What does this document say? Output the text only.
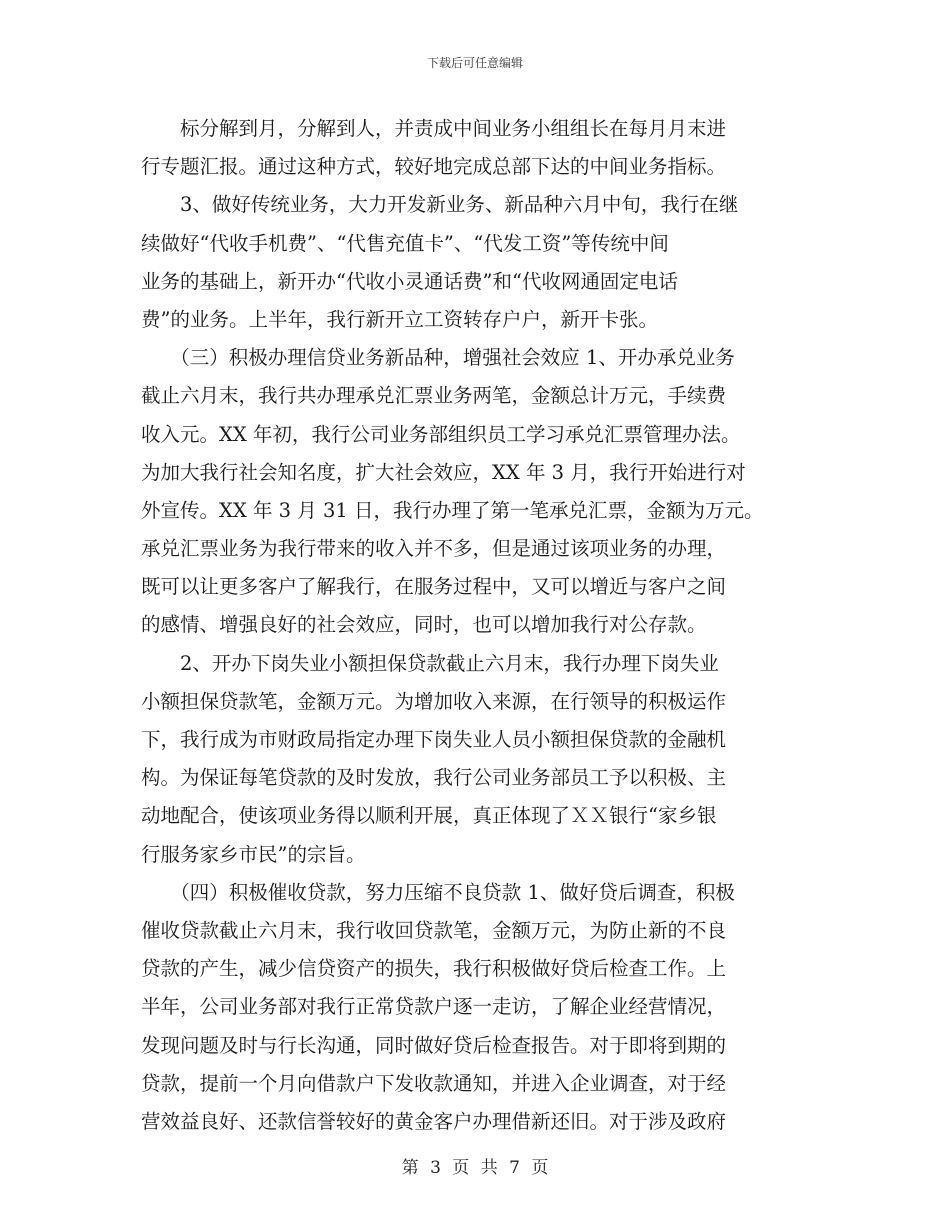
下载后可任意编辑
　　标分解到月，分解到人，并责成中间业务小组组长在每月月末进
行专题汇报。通过这种方式，较好地完成总部下达的中间业务指标。
　　3、做好传统业务，大力开发新业务、新品种六月中旬，我行在继
续做好“代收手机费”、“代售充值卡”、“代发工资”等传统中间
业务的基础上，新开办“代收小灵通话费”和“代收网通固定电话
费”的业务。上半年，我行新开立工资转存户户，新开卡张。
　　（三）积极办理信贷业务新品种，增强社会效应 1、开办承兑业务
截止六月末，我行共办理承兑汇票业务两笔，金额总计万元，手续费
收入元。XX 年初，我行公司业务部组织员工学习承兑汇票管理办法。
为加大我行社会知名度，扩大社会效应，XX 年 3 月，我行开始进行对
外宣传。XX 年 3 月 31 日，我行办理了第一笔承兑汇票，金额为万元。
承兑汇票业务为我行带来的收入并不多，但是通过该项业务的办理，
既可以让更多客户了解我行，在服务过程中，又可以增近与客户之间
的感情、增强良好的社会效应，同时，也可以增加我行对公存款。
　　2、开办下岗失业小额担保贷款截止六月末，我行办理下岗失业
小额担保贷款笔，金额万元。为增加收入来源，在行领导的积极运作
下，我行成为市财政局指定办理下岗失业人员小额担保贷款的金融机
构。为保证每笔贷款的及时发放，我行公司业务部员工予以积极、主
动地配合，使该项业务得以顺利开展，真正体现了ＸＸ银行“家乡银
行服务家乡市民”的宗旨。
　　（四）积极催收贷款，努力压缩不良贷款 1、做好贷后调查，积极
催收贷款截止六月末，我行收回贷款笔，金额万元，为防止新的不良
贷款的产生，减少信贷资产的损失，我行积极做好贷后检查工作。上
半年，公司业务部对我行正常贷款户逐一走访，了解企业经营情况，
发现问题及时与行长沟通，同时做好贷后检查报告。对于即将到期的
贷款，提前一个月向借款户下发收款通知，并进入企业调查，对于经
营效益良好、还款信誉较好的黄金客户办理借新还旧。对于涉及政府
第 3 页 共 7 页
